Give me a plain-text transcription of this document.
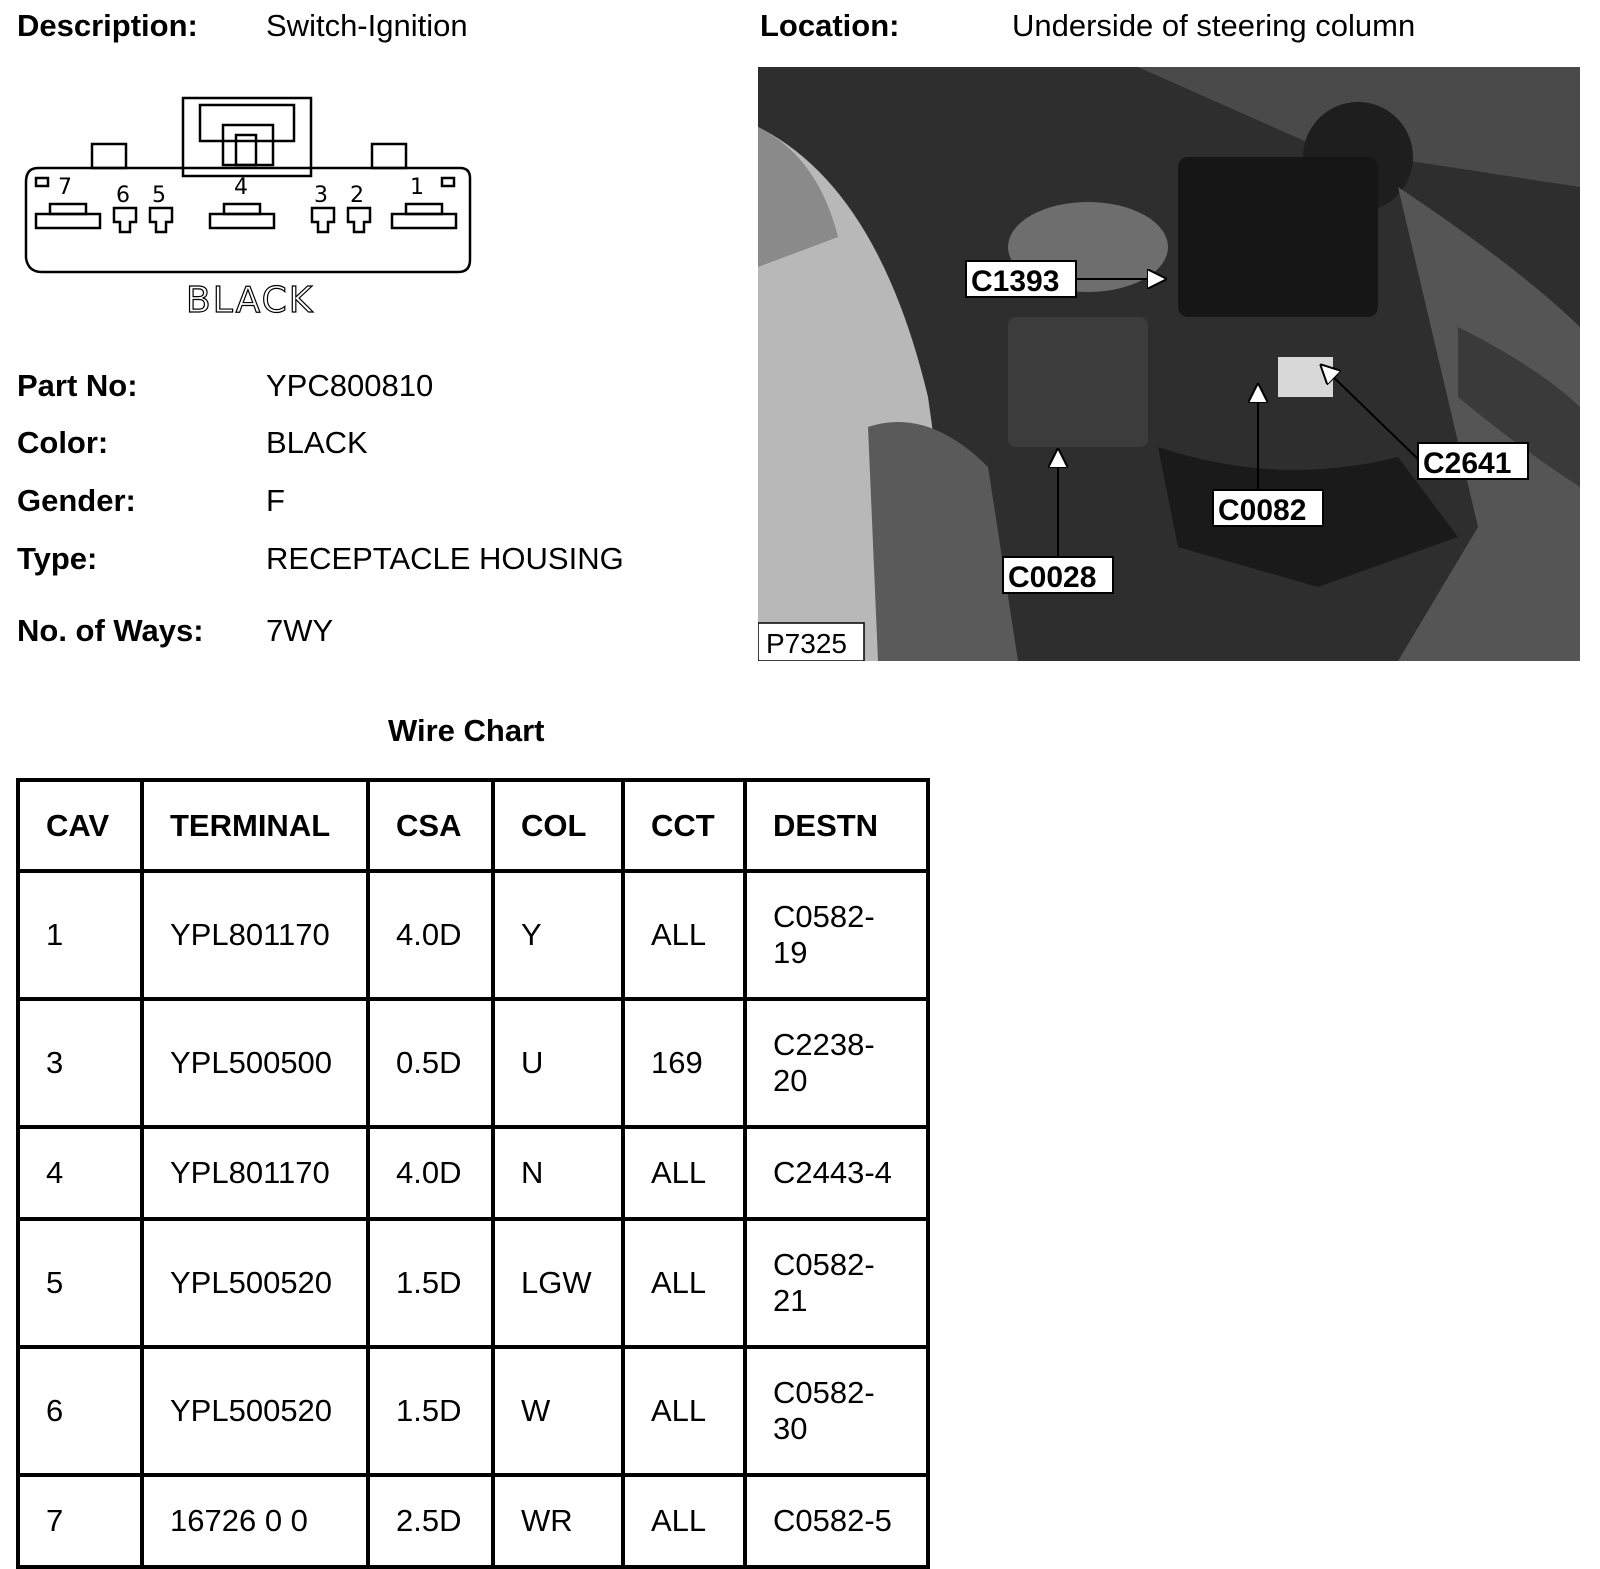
Description: Switch-Ignition	Location:	Underside of steering column
7 6 5	4	3 2 1
BLACK
Part No:	YPC800810
Color:	BLACK
Gender:	F
Type:	RECEPTACLE HOUSING
No. of Ways: 7WY
C1393
C2641
C0082
C0028
P7325
Wire Chart
CAV	TERMINAL	CSA	COL	CCT	DESTN
1	YPL801170	4.0D	Y	ALL	C0582-19
3	YPL500500	0.5D	U	169	C2238-20
4	YPL801170	4.0D	N	ALL	C2443-4
5	YPL500520	1.5D	LGW	ALL	C0582-21
6	YPL500520	1.5D	W	ALL	C0582-30
7	16726 0 0	2.5D	WR	ALL	C0582-5
